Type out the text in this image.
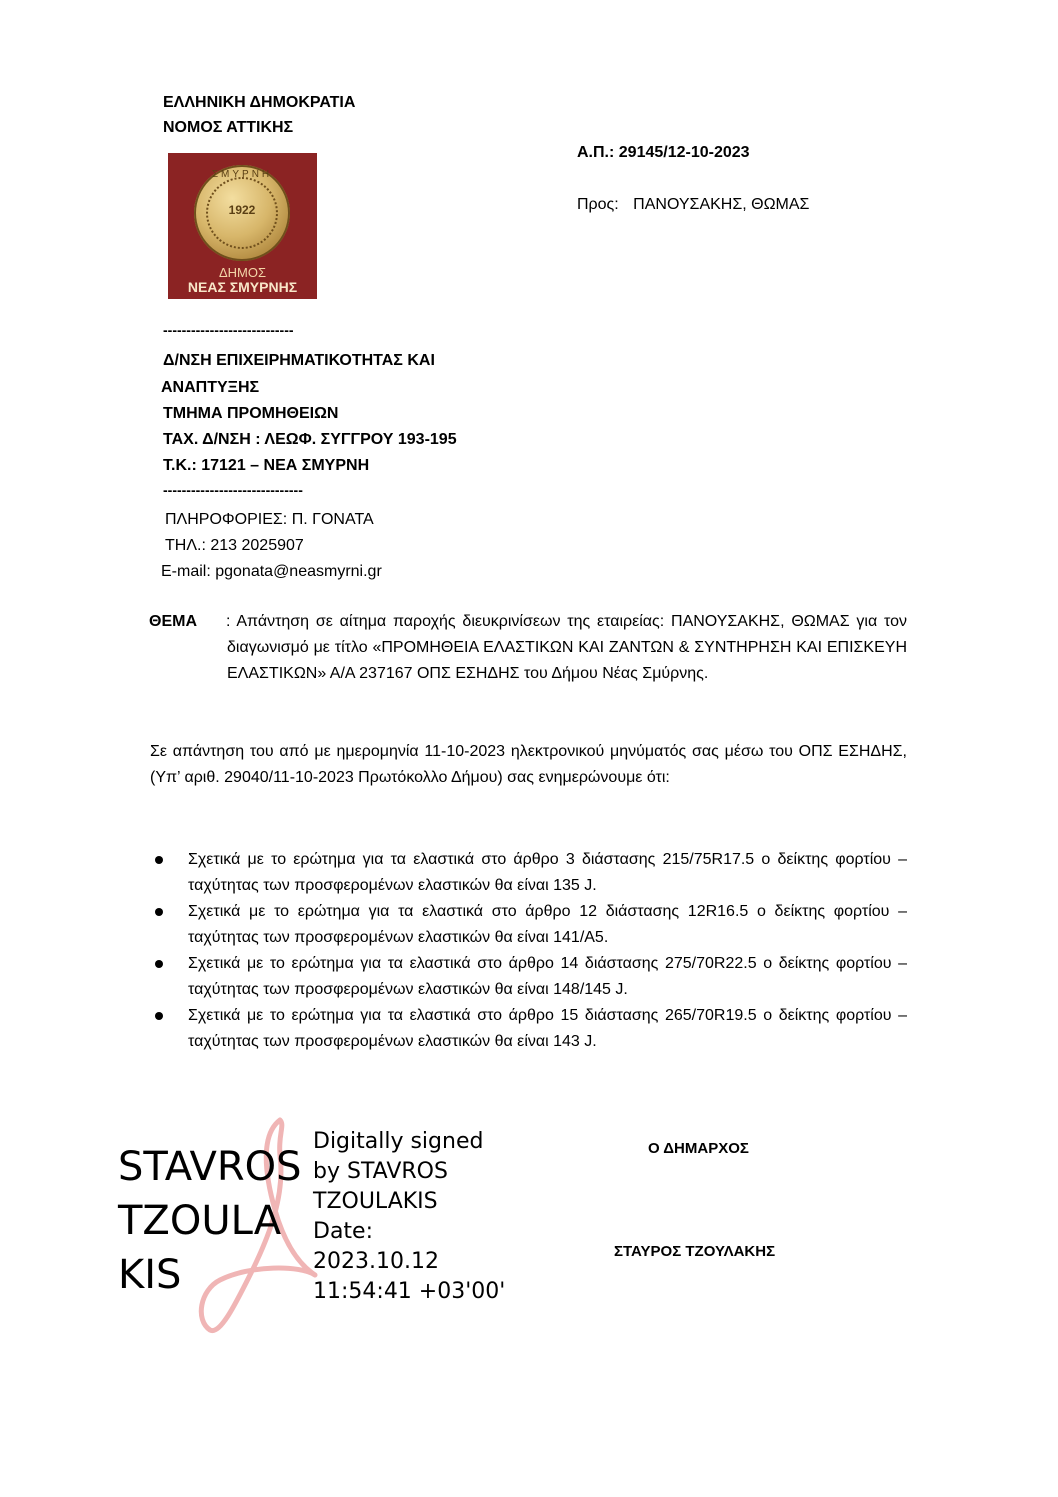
ΕΛΛΗΝΙΚΗ ΔΗΜΟΚΡΑΤΙΑ
ΝΟΜΟΣ ΑΤΤΙΚΗΣ
ΣΜΥΡΝΗ
1922
ΔΗΜΟΣ
ΝΕΑΣ ΣΜΥΡΝΗΣ
Α.Π.: 29145/12-10-2023
Προς: ΠΑΝΟΥΣΑΚΗΣ, ΘΩΜΑΣ
----------------------------
Δ/ΝΣΗ ΕΠΙΧΕΙΡΗΜΑΤΙΚΟΤΗΤΑΣ ΚΑΙ
ΑΝΑΠΤΥΞΗΣ
ΤΜΗΜΑ ΠΡΟΜΗΘΕΙΩΝ
ΤΑΧ. Δ/ΝΣΗ : ΛΕΩΦ. ΣΥΓΓΡΟΥ 193-195
Τ.Κ.: 17121 – ΝΕΑ ΣΜΥΡΝΗ
------------------------------
ΠΛΗΡΟΦΟΡΙΕΣ: Π. ΓΟΝΑΤΑ
ΤΗΛ.: 213 2025907
E-mail: pgonata@neasmyrni.gr
ΘΕΜΑ : Απάντηση σε αίτημα παροχής διευκρινίσεων της εταιρείας: ΠΑΝΟΥΣΑΚΗΣ, ΘΩΜΑΣ για τον διαγωνισμό με τίτλο «ΠΡΟΜΗΘΕΙΑ ΕΛΑΣΤΙΚΩΝ ΚΑΙ ΖΑΝΤΩΝ & ΣΥΝΤΗΡΗΣΗ ΚΑΙ ΕΠΙΣΚΕΥΗ ΕΛΑΣΤΙΚΩΝ» Α/Α 237167 ΟΠΣ ΕΣΗΔΗΣ του Δήμου Νέας Σμύρνης.
Σε απάντηση του από με ημερομηνία 11-10-2023 ηλεκτρονικού μηνύματός σας μέσω του ΟΠΣ ΕΣΗΔΗΣ, (Υπ’ αριθ. 29040/11-10-2023 Πρωτόκολλο Δήμου) σας ενημερώνουμε ότι:
Σχετικά με το ερώτημα για τα ελαστικά στο άρθρο 3 διάστασης 215/75R17.5 ο δείκτης φορτίου – ταχύτητας των προσφερομένων ελαστικών θα είναι 135 J.
Σχετικά με το ερώτημα για τα ελαστικά στο άρθρο 12 διάστασης 12R16.5 ο δείκτης φορτίου – ταχύτητας των προσφερομένων ελαστικών θα είναι 141/A5.
Σχετικά με το ερώτημα για τα ελαστικά στο άρθρο 14 διάστασης 275/70R22.5 ο δείκτης φορτίου – ταχύτητας των προσφερομένων ελαστικών θα είναι 148/145 J.
Σχετικά με το ερώτημα για τα ελαστικά στο άρθρο 15 διάστασης 265/70R19.5 ο δείκτης φορτίου – ταχύτητας των προσφερομένων ελαστικών θα είναι 143 J.
STAVROS
TZOULA
KIS
Digitally signed
by STAVROS
TZOULAKIS
Date:
2023.10.12
11:54:41 +03'00'
Ο ΔΗΜΑΡΧΟΣ
ΣΤΑΥΡΟΣ ΤΖΟΥΛΑΚΗΣ
